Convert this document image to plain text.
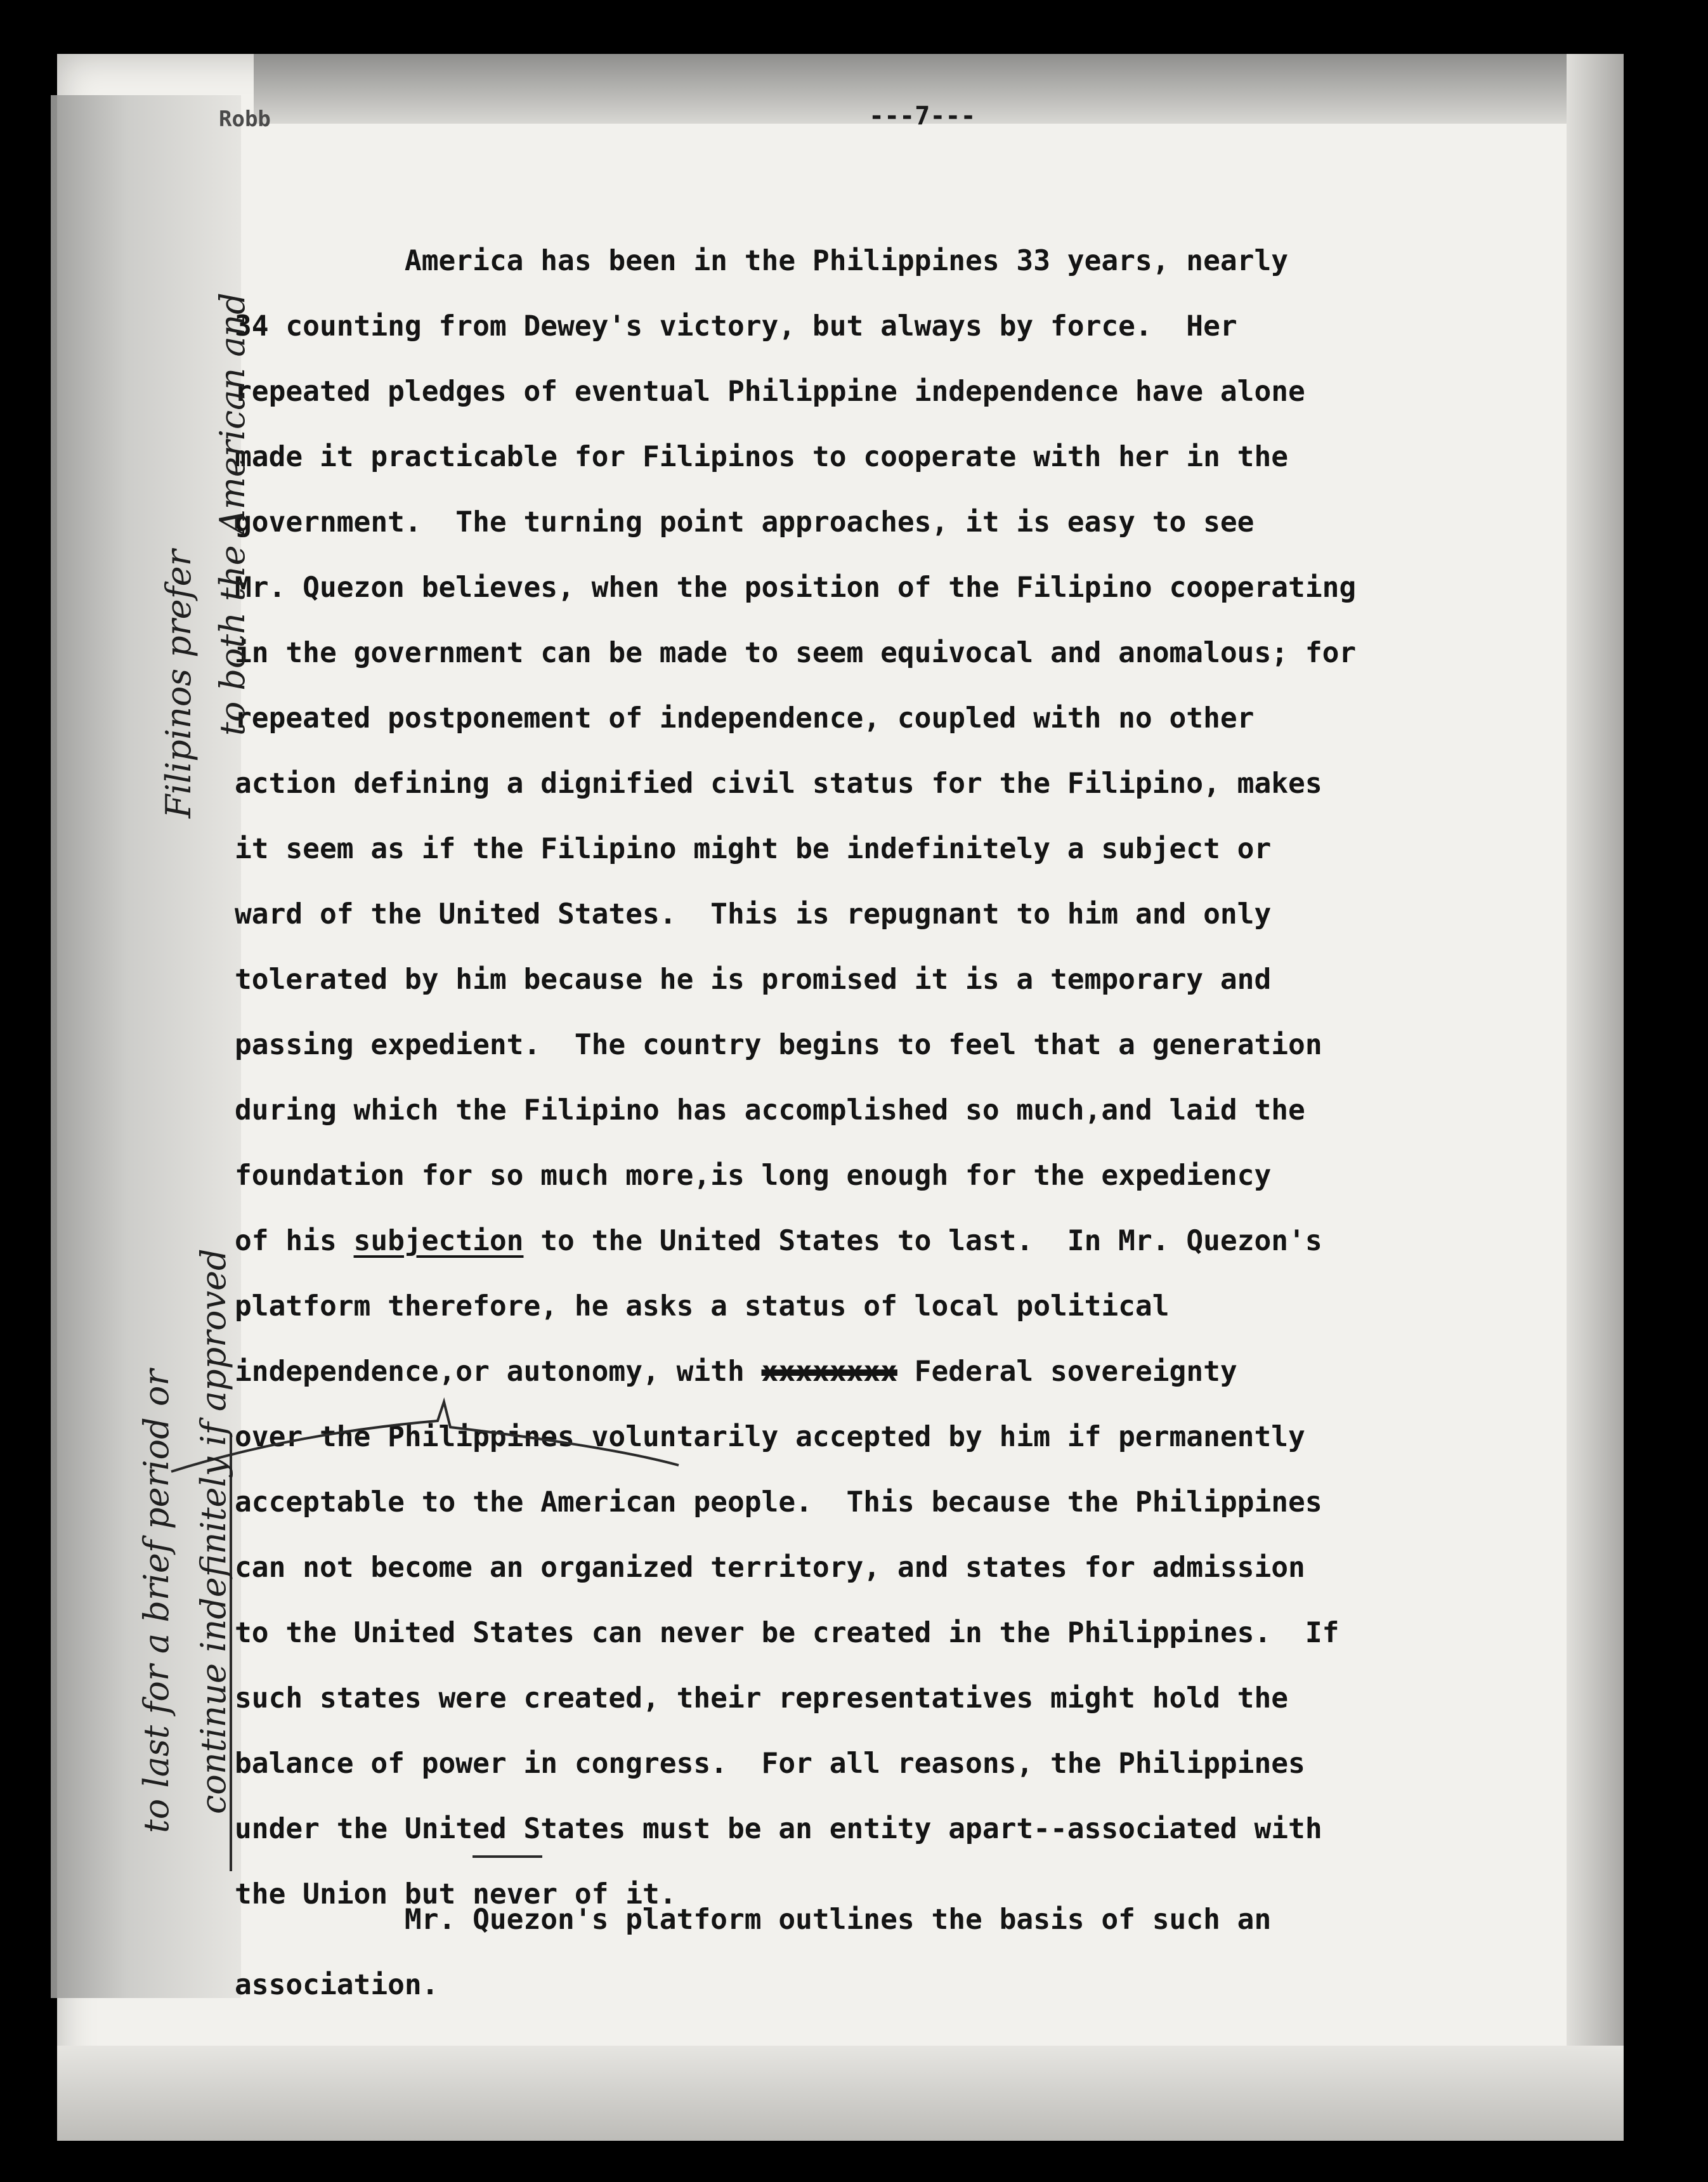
Robb	---7---
America has been in the Philippines 33 years, nearly
34 counting from Dewey's victory, but always by force.  Her
repeated pledges of eventual Philippine independence have alone
made it practicable for Filipinos to cooperate with her in the
government.  The turning point approaches, it is easy to see
Mr. Quezon believes, when the position of the Filipino cooperating
in the government can be made to seem equivocal and anomalous; for
repeated postponement of independence, coupled with no other
action defining a dignified civil status for the Filipino, makes
it seem as if the Filipino might be indefinitely a subject or
ward of the United States.  This is repugnant to him and only
tolerated by him because he is promised it is a temporary and
passing expedient.  The country begins to feel that a generation
during which the Filipino has accomplished so much,and laid the
foundation for so much more,is long enough for the expediency
of his subjection to the United States to last.  In Mr. Quezon's
platform therefore, he asks a status of local political
independence,or autonomy, with xxxxxxxx Federal sovereignty
over the Philippines voluntarily accepted by him if permanently
acceptable to the American people.  This because the Philippines
can not become an organized territory, and states for admission
to the United States can never be created in the Philippines.  If
such states were created, their representatives might hold the
balance of power in congress.  For all reasons, the Philippines
under the United States must be an entity apart--associated with
the Union but never of it.
Mr. Quezon's platform outlines the basis of such an
association.
to last for a brief period or continue indefinitely if approved
Filipinos prefer to both the American and
